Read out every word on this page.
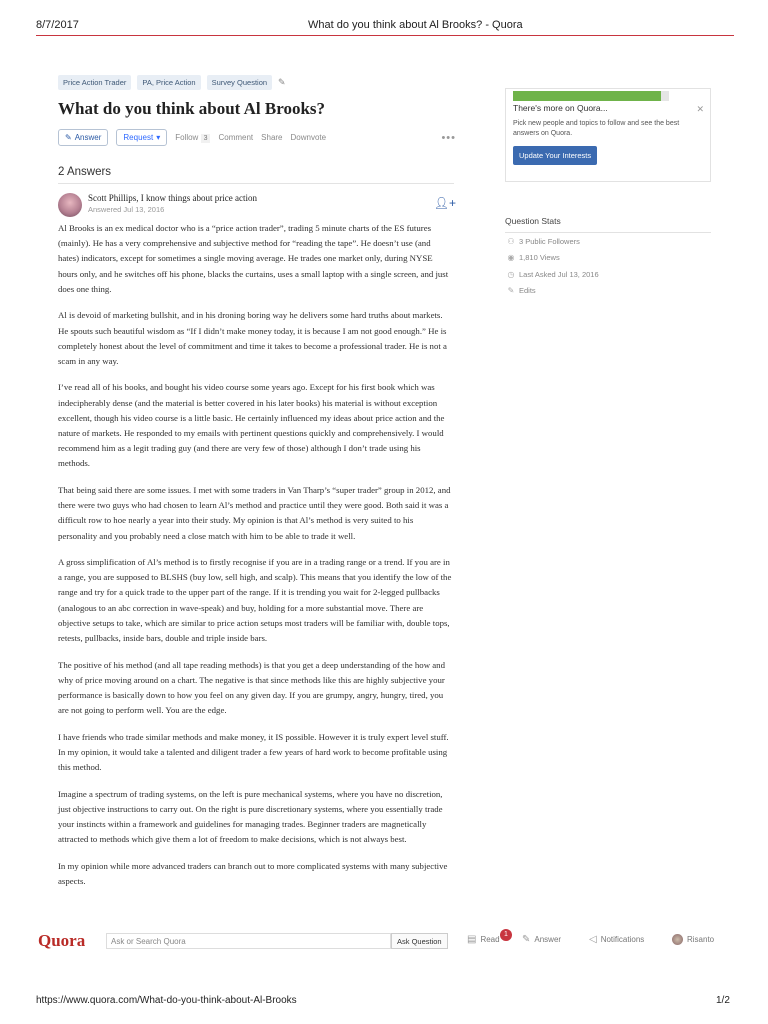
8/7/2017	What do you think about Al Brooks? - Quora
Price Action Trader	PA, Price Action	Survey Question	✎
What do you think about Al Brooks?
✎ Answer	Request ▾ Follow 3	Comment Share Downvote	•••
2 Answers
Scott Phillips, I know things about price action
Answered Jul 13, 2016	👤︎+

Al Brooks is an ex medical doctor who is a “price action trader”, trading 5 minute charts of the ES futures (mainly). He has a very comprehensive and subjective method for “reading the tape”. He doesn’t use (and hates) indicators, except for sometimes a single moving average. He trades one market only, during NYSE hours only, and he switches off his phone, blacks the curtains, uses a small laptop with a single screen, and just does one thing.

Al is devoid of marketing bullshit, and in his droning boring way he delivers some hard truths about markets. He spouts such beautiful wisdom as “If I didn’t make money today, it is because I am not good enough.” He is completely honest about the level of commitment and time it takes to become a professional trader. He is not a scam in any way.

I’ve read all of his books, and bought his video course some years ago. Except for his first book which was indecipherably dense (and the material is better covered in his later books) his material is without exception excellent, though his video course is a little basic. He certainly influenced my ideas about price action and the nature of markets. He responded to my emails with pertinent questions quickly and comprehensively. I would recommend him as a legit trading guy (and there are very few of those) although I don’t trade using his methods.

That being said there are some issues. I met with some traders in Van Tharp’s “super trader” group in 2012, and there were two guys who had chosen to learn Al’s method and practice until they were good. Both said it was a difficult row to hoe nearly a year into their study. My opinion is that Al’s method is very suited to his personality and you probably need a close match with him to be able to trade it well.

A gross simplification of Al’s method is to firstly recognise if you are in a trading range or a trend. If you are in a range, you are supposed to BLSHS (buy low, sell high, and scalp). This means that you identify the low of the range and try for a quick trade to the upper part of the range. If it is trending you wait for 2-legged pullbacks (analogous to an abc correction in wave-speak) and buy, holding for a more substantial move. There are objective setups to take, which are similar to price action setups most traders will be familiar with, double tops, retests, pullbacks, inside bars, double and triple inside bars.

The positive of his method (and all tape reading methods) is that you get a deep understanding of the how and why of price moving around on a chart. The negative is that since methods like this are highly subjective your performance is basically down to how you feel on any given day. If you are grumpy, angry, hungry, tired, you are not going to perform well. You are the edge.

I have friends who trade similar methods and make money, it IS possible. However it is truly expert level stuff. In my opinion, it would take a talented and diligent trader a few years of hard work to become profitable using this method.

Imagine a spectrum of trading systems, on the left is pure mechanical systems, where you have no discretion, just objective instructions to carry out. On the right is pure discretionary systems, where you essentially trade your instincts within a framework and guidelines for managing trades. Beginner traders are magnetically attracted to methods which give them a lot of freedom to make decisions, which is not always best.

In my opinion while more advanced traders can branch out to more complicated systems with many subjective aspects.

There's more on Quora...	✕
Pick new people and topics to follow and see the best answers on Quora.
Update Your Interests
Question Stats
⚇ 3 Public Followers
◉ 1,810 Views
◷ Last Asked Jul 13, 2016
✎ Edits
Quora	Ask or Search Quora	Ask Question	▤ Read
1	✎ Answer	◁ Notifications	Risanto
https://www.quora.com/What-do-you-think-about-Al-Brooks	1/2
